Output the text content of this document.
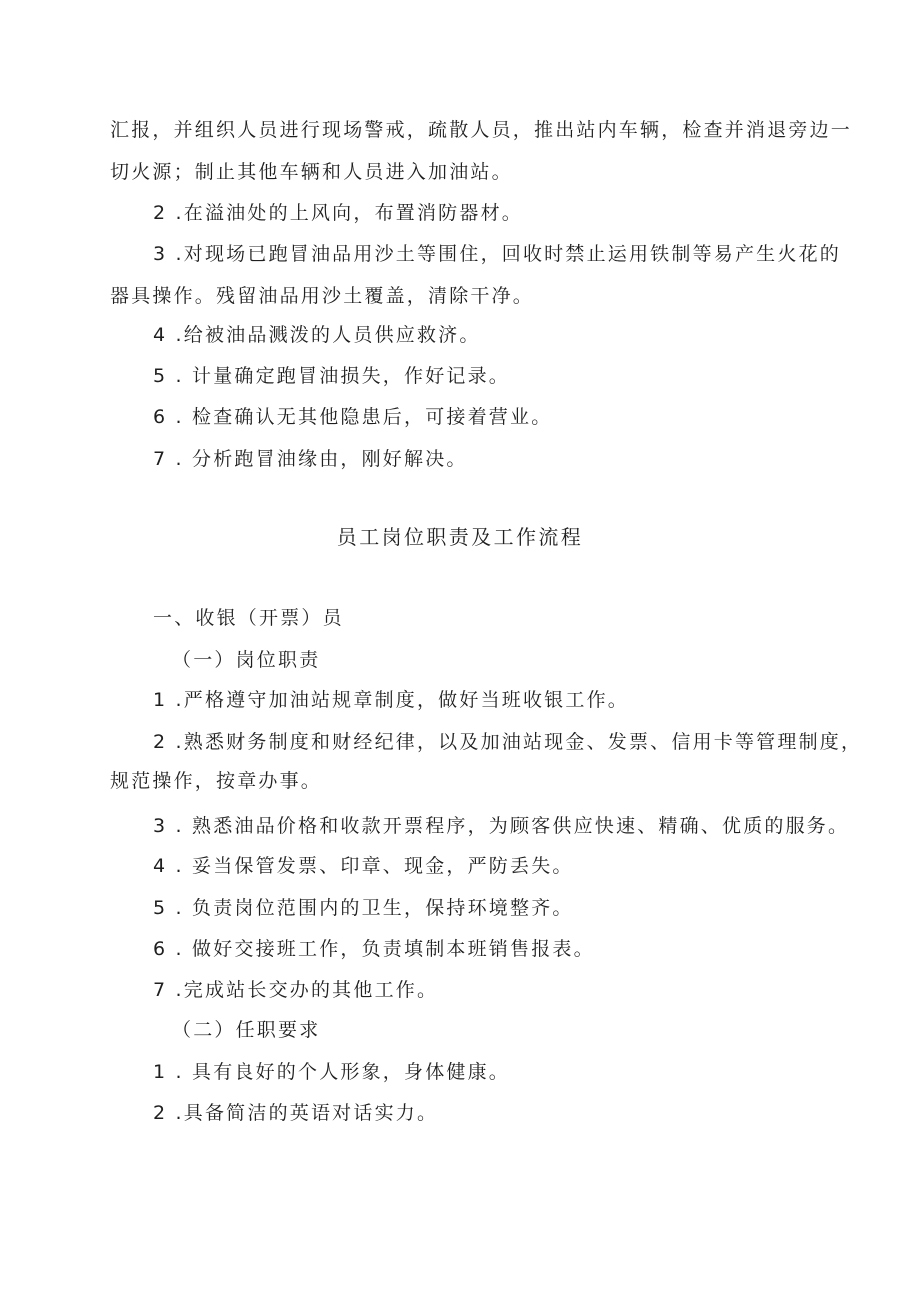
汇报，并组织人员进行现场警戒，疏散人员，推出站内车辆，检查并消退旁边一
切火源；制止其他车辆和人员进入加油站。
2 .在溢油处的上风向，布置消防器材。
3 .对现场已跑冒油品用沙土等围住，回收时禁止运用铁制等易产生火花的
器具操作。残留油品用沙土覆盖，清除干净。
4 .给被油品溅泼的人员供应救济。
5 . 计量确定跑冒油损失，作好记录。
6 . 检查确认无其他隐患后，可接着营业。
7 . 分析跑冒油缘由，刚好解决。
员工岗位职责及工作流程
一、收银（开票）员
（一）岗位职责
1 .严格遵守加油站规章制度，做好当班收银工作。
2 .熟悉财务制度和财经纪律，以及加油站现金、发票、信用卡等管理制度，
规范操作，按章办事。
3 . 熟悉油品价格和收款开票程序，为顾客供应快速、精确、优质的服务。
4 . 妥当保管发票、印章、现金，严防丢失。
5 . 负责岗位范围内的卫生，保持环境整齐。
6 . 做好交接班工作，负责填制本班销售报表。
7 .完成站长交办的其他工作。
（二）任职要求
1 . 具有良好的个人形象，身体健康。
2 .具备简洁的英语对话实力。
